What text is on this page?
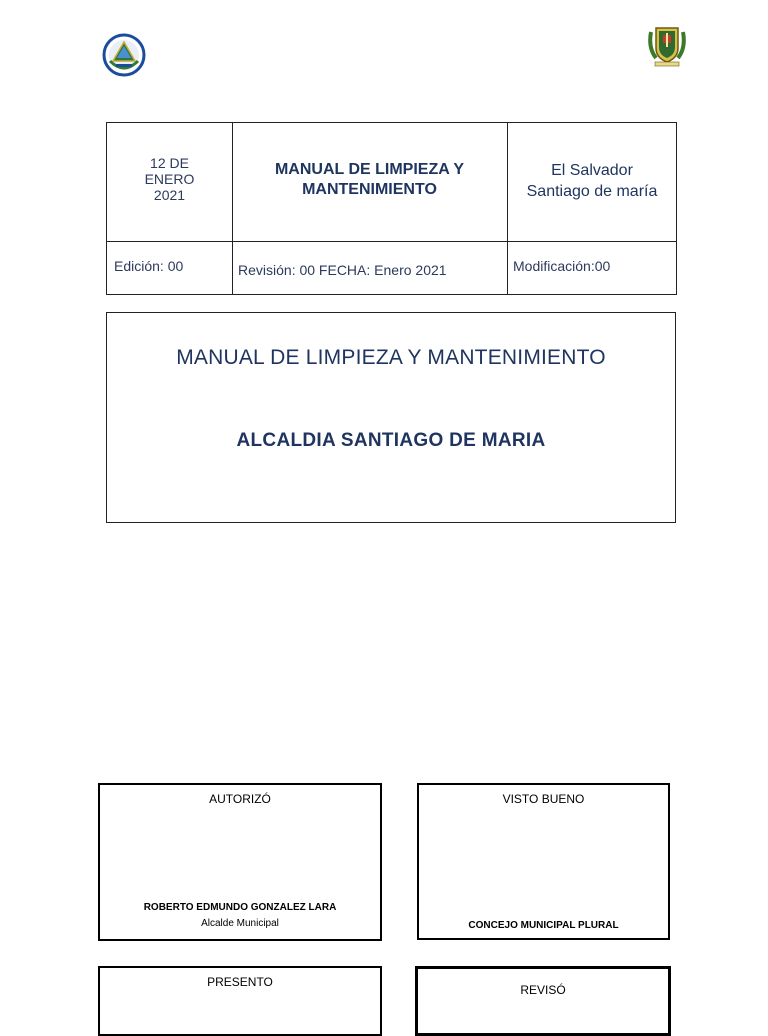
12 DE ENERO 2021
MANUAL DE LIMPIEZA Y MANTENIMIENTO
El Salvador
Santiago de maría
Edición: 00	Revisión: 00 FECHA: Enero 2021	Modificación:00
MANUAL DE LIMPIEZA Y MANTENIMIENTO
ALCALDIA SANTIAGO DE MARIA
AUTORIZÓ
ROBERTO EDMUNDO GONZALEZ LARA
Alcalde Municipal
VISTO BUENO
CONCEJO MUNICIPAL PLURAL
PRESENTO
REVISÓ
